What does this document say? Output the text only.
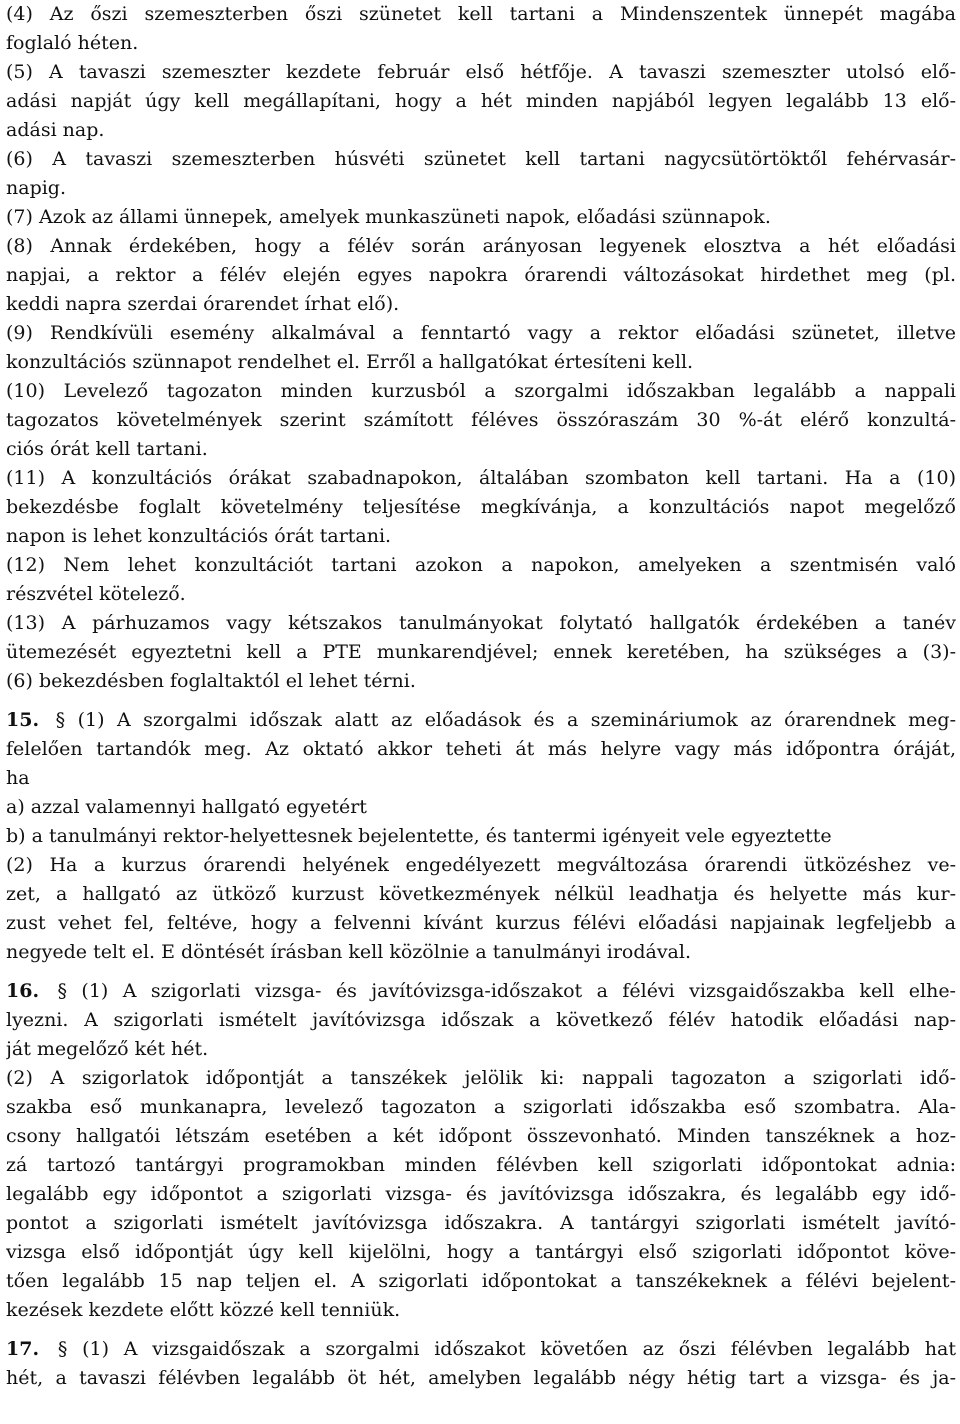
(4) Az őszi szemeszterben őszi szünetet kell tartani a Mindenszentek ünnepét magába
foglaló héten.
(5) A tavaszi szemeszter kezdete február első hétfője. A tavaszi szemeszter utolsó elő-
adási napját úgy kell megállapítani, hogy a hét minden napjából legyen legalább 13 elő-
adási nap.
(6) A tavaszi szemeszterben húsvéti szünetet kell tartani nagycsütörtöktől fehérvasár-
napig.
(7) Azok az állami ünnepek, amelyek munkaszüneti napok, előadási szünnapok.
(8) Annak érdekében, hogy a félév során arányosan legyenek elosztva a hét előadási
napjai, a rektor a félév elején egyes napokra órarendi változásokat hirdethet meg (pl.
keddi napra szerdai órarendet írhat elő).
(9) Rendkívüli esemény alkalmával a fenntartó vagy a rektor előadási szünetet, illetve
konzultációs szünnapot rendelhet el. Erről a hallgatókat értesíteni kell.
(10) Levelező tagozaton minden kurzusból a szorgalmi időszakban legalább a nappali
tagozatos követelmények szerint számított féléves összóraszám 30 %-át elérő konzultá-
ciós órát kell tartani.
(11) A konzultációs órákat szabadnapokon, általában szombaton kell tartani. Ha a (10)
bekezdésbe foglalt követelmény teljesítése megkívánja, a konzultációs napot megelőző
napon is lehet konzultációs órát tartani.
(12) Nem lehet konzultációt tartani azokon a napokon, amelyeken a szentmisén való
részvétel kötelező.
(13) A párhuzamos vagy kétszakos tanulmányokat folytató hallgatók érdekében a tanév
ütemezését egyeztetni kell a PTE munkarendjével; ennek keretében, ha szükséges a (3)-
(6) bekezdésben foglaltaktól el lehet térni.
15. § (1) A szorgalmi időszak alatt az előadások és a szemináriumok az órarendnek meg-
felelően tartandók meg. Az oktató akkor teheti át más helyre vagy más időpontra óráját,
ha
a) azzal valamennyi hallgató egyetért
b) a tanulmányi rektor-helyettesnek bejelentette, és tantermi igényeit vele egyeztette
(2) Ha a kurzus órarendi helyének engedélyezett megváltozása órarendi ütközéshez ve-
zet, a hallgató az ütköző kurzust következmények nélkül leadhatja és helyette más kur-
zust vehet fel, feltéve, hogy a felvenni kívánt kurzus félévi előadási napjainak legfeljebb a
negyede telt el. E döntését írásban kell közölnie a tanulmányi irodával.
16. § (1) A szigorlati vizsga- és javítóvizsga-időszakot a félévi vizsgaidőszakba kell elhe-
lyezni. A szigorlati ismételt javítóvizsga időszak a következő félév hatodik előadási nap-
ját megelőző két hét.
(2) A szigorlatok időpontját a tanszékek jelölik ki: nappali tagozaton a szigorlati idő-
szakba eső munkanapra, levelező tagozaton a szigorlati időszakba eső szombatra. Ala-
csony hallgatói létszám esetében a két időpont összevonható. Minden tanszéknek a hoz-
zá tartozó tantárgyi programokban minden félévben kell szigorlati időpontokat adnia:
legalább egy időpontot a szigorlati vizsga- és javítóvizsga időszakra, és legalább egy idő-
pontot a szigorlati ismételt javítóvizsga időszakra. A tantárgyi szigorlati ismételt javító-
vizsga első időpontját úgy kell kijelölni, hogy a tantárgyi első szigorlati időpontot köve-
tően legalább 15 nap teljen el. A szigorlati időpontokat a tanszékeknek a félévi bejelent-
kezések kezdete előtt közzé kell tenniük.
17. § (1) A vizsgaidőszak a szorgalmi időszakot követően az őszi félévben legalább hat
hét, a tavaszi félévben legalább öt hét, amelyben legalább négy hétig tart a vizsga- és ja-
